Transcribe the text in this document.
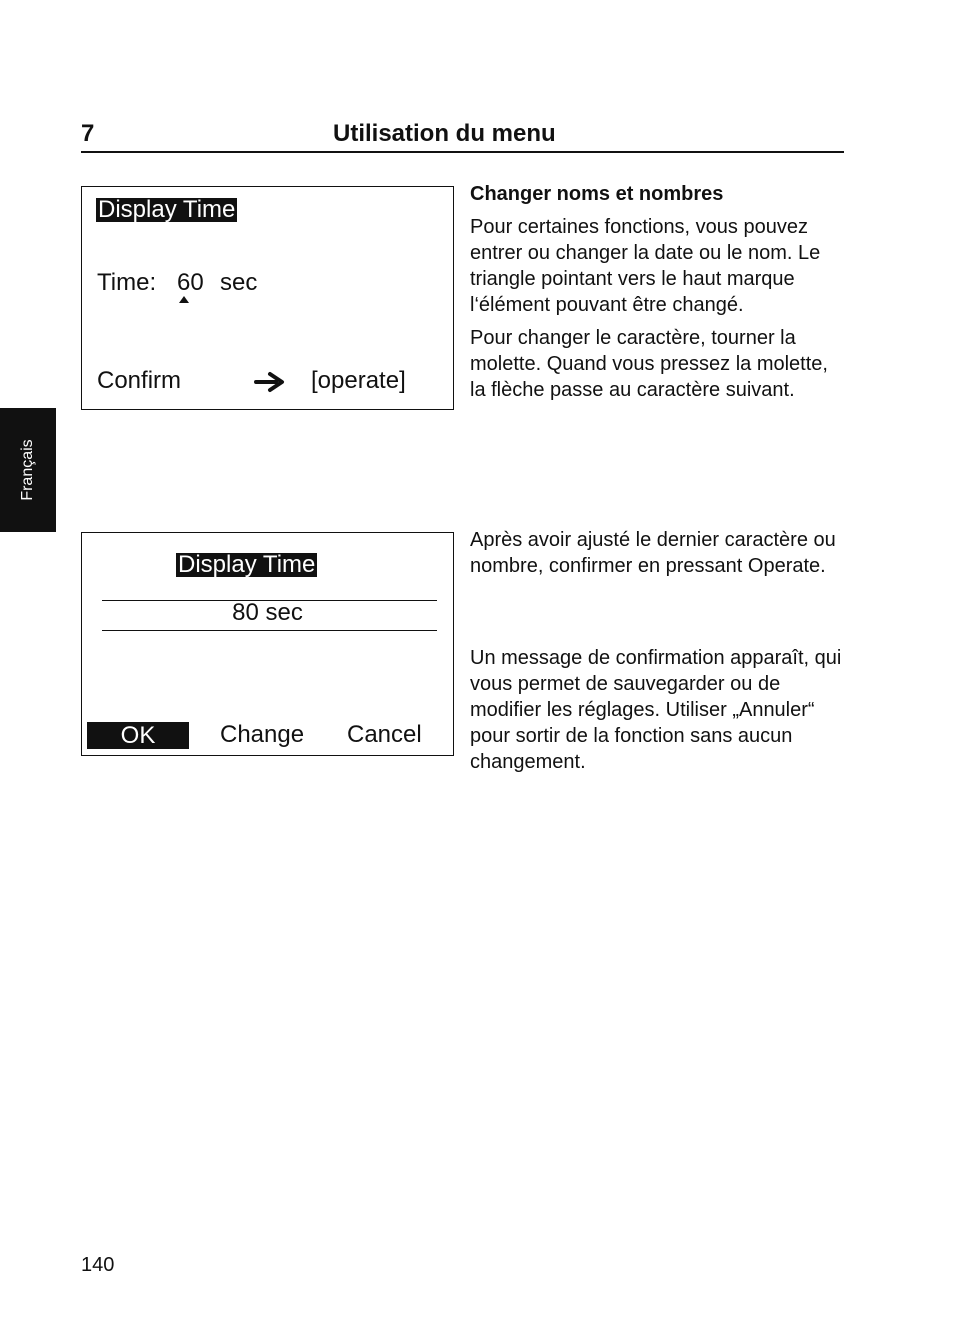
7	Utilisation du menu
Français
Display Time
Time: 60 sec
Confirm	[operate]
Display Time
80 sec
OK	Change Cancel

Changer noms et nombres

Pour certaines fonctions, vous pouvez entrer ou changer la date ou le nom. Le triangle pointant vers le haut marque l‘élément pouvant être changé.

Pour changer le caractère, tourner la molette. Quand vous pressez la molette, la flèche passe au caractère suivant.

Après avoir ajusté le dernier caractère ou nombre, confirmer en pressant Operate.

Un message de confirmation apparaît, qui vous permet de sauvegarder ou de modifier les réglages. Utiliser „Annuler“ pour sortir de la fonction sans aucun changement.

140
